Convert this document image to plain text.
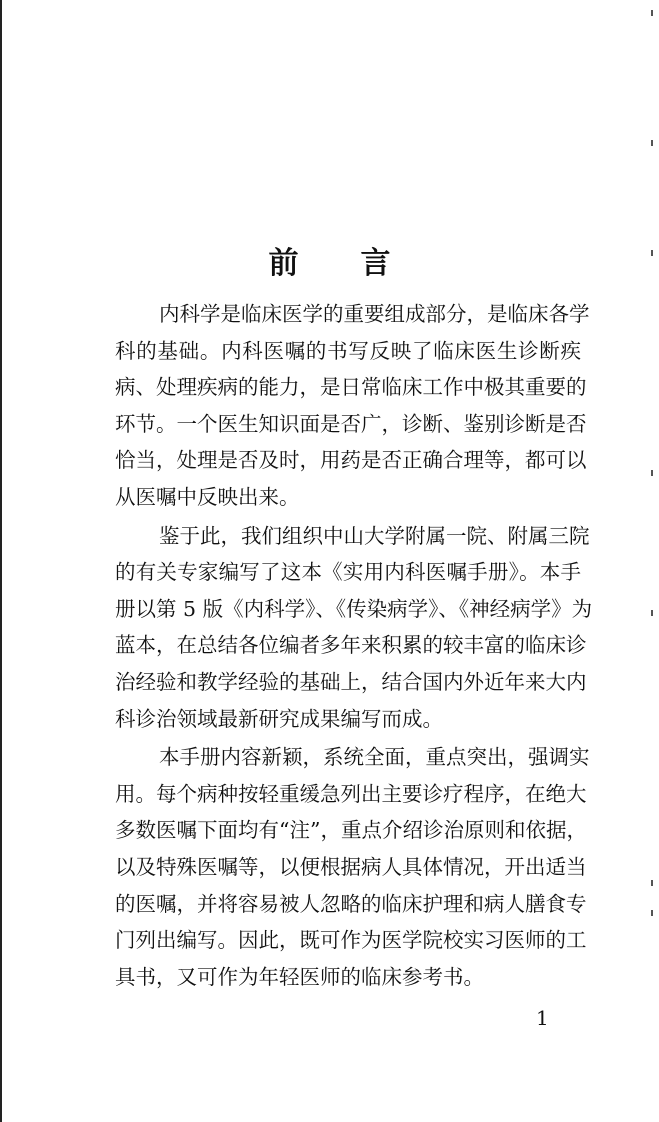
前 言
内科学是临床医学的重要组成部分，是临床各学
科的基础。内科医嘱的书写反映了临床医生诊断疾
病、处理疾病的能力，是日常临床工作中极其重要的
环节。一个医生知识面是否广，诊断、鉴别诊断是否
恰当，处理是否及时，用药是否正确合理等，都可以
从医嘱中反映出来。
鉴于此，我们组织中山大学附属一院、附属三院
的有关专家编写了这本《实用内科医嘱手册》。本手
册以第 5 版《内科学》、《传染病学》、《神经病学》为
蓝本，在总结各位编者多年来积累的较丰富的临床诊
治经验和教学经验的基础上，结合国内外近年来大内
科诊治领域最新研究成果编写而成。
本手册内容新颖，系统全面，重点突出，强调实
用。每个病种按轻重缓急列出主要诊疗程序，在绝大
多数医嘱下面均有“注”，重点介绍诊治原则和依据，
以及特殊医嘱等，以便根据病人具体情况，开出适当
的医嘱，并将容易被人忽略的临床护理和病人膳食专
门列出编写。因此，既可作为医学院校实习医师的工
具书，又可作为年轻医师的临床参考书。
1
